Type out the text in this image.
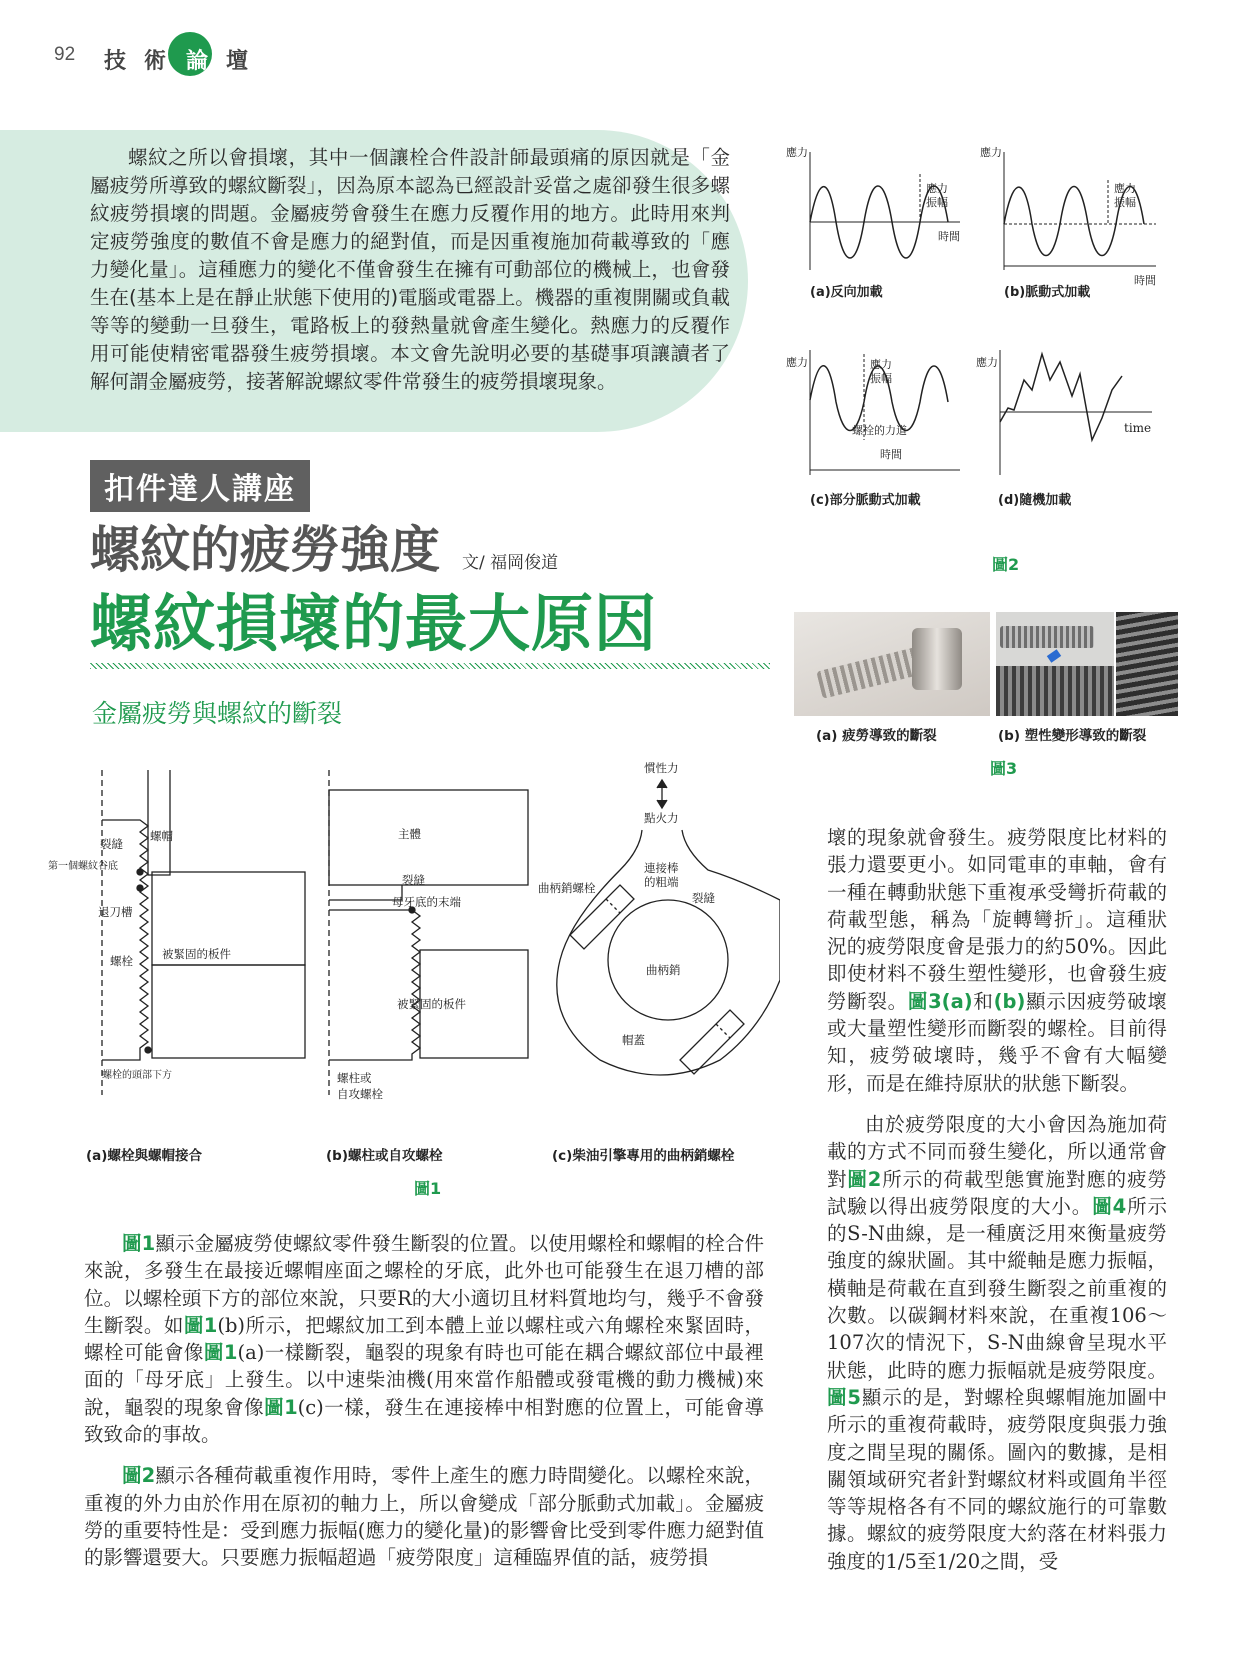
92 技 術 論 壇
螺紋之所以會損壞，其中一個讓栓合件設計師最頭痛的原因就是「金屬疲勞所導致的螺紋斷裂」，因為原本認為已經設計妥當之處卻發生很多螺紋疲勞損壞的問題。金屬疲勞會發生在應力反覆作用的地方。此時用來判定疲勞強度的數值不會是應力的絕對值，而是因重複施加荷載導致的「應力變化量」。這種應力的變化不僅會發生在擁有可動部位的機械上，也會發生在(基本上是在靜止狀態下使用的)電腦或電器上。機器的重複開關或負載等等的變動一旦發生，電路板上的發熱量就會產生變化。熱應力的反覆作用可能使精密電器發生疲勞損壞。本文會先說明必要的基礎事項讓讀者了解何謂金屬疲勞，接著解說螺紋零件常發生的疲勞損壞現象。
扣件達人講座
螺紋的疲勞強度 文/ 福岡俊道
螺紋損壞的最大原因
金屬疲勞與螺紋的斷裂
裂縫
螺帽
第一個螺紋谷底
退刀槽
螺栓	被緊固的板件
螺栓的頭部下方
主體
裂縫
母牙底的末端
被緊固的板件
螺柱或
自攻螺栓
慣性力
點火力
連接棒
的粗端
裂縫
曲柄銷螺栓
曲柄銷
帽蓋
(a)螺栓與螺帽接合	(b)螺柱或自攻螺栓	(c)柴油引擎專用的曲柄銷螺栓
圖1
應力
應力
振幅
時間
應力
應力
振幅
時間
(a)反向加載	(b)脈動式加載
應力	應力
振幅
螺栓的力道
時間
應力
time
(c)部分脈動式加載	(d)隨機加載
圖2
(a) 疲勞導致的斷裂	(b) 塑性變形導致的斷裂
圖3

圖1顯示金屬疲勞使螺紋零件發生斷裂的位置。以使用螺栓和螺帽的栓合件來說，多發生在最接近螺帽座面之螺栓的牙底，此外也可能發生在退刀槽的部位。以螺栓頭下方的部位來說，只要R的大小適切且材料質地均勻，幾乎不會發生斷裂。如圖1(b)所示，把螺紋加工到本體上並以螺柱或六角螺栓來緊固時，螺栓可能會像圖1(a)一樣斷裂，龜裂的現象有時也可能在耦合螺紋部位中最裡面的「母牙底」上發生。以中速柴油機(用來當作船體或發電機的動力機械)來說，龜裂的現象會像圖1(c)一樣，發生在連接棒中相對應的位置上，可能會導致致命的事故。

圖2顯示各種荷載重複作用時，零件上產生的應力時間變化。以螺栓來說，重複的外力由於作用在原初的軸力上，所以會變成「部分脈動式加載」。金屬疲勞的重要特性是：受到應力振幅(應力的變化量)的影響會比受到零件應力絕對值的影響還要大。只要應力振幅超過「疲勞限度」這種臨界值的話，疲勞損

壞的現象就會發生。疲勞限度比材料的張力還要更小。如同電車的車軸，會有一種在轉動狀態下重複承受彎折荷載的荷載型態，稱為「旋轉彎折」。這種狀況的疲勞限度會是張力的約50%。因此即使材料不發生塑性變形，也會發生疲勞斷裂。圖3(a)和(b)顯示因疲勞破壞或大量塑性變形而斷裂的螺栓。目前得知，疲勞破壞時，幾乎不會有大幅變形，而是在維持原狀的狀態下斷裂。

由於疲勞限度的大小會因為施加荷載的方式不同而發生變化，所以通常會對圖2所示的荷載型態實施對應的疲勞試驗以得出疲勞限度的大小。圖4所示的S-N曲線，是一種廣泛用來衡量疲勞強度的線狀圖。其中縱軸是應力振幅，橫軸是荷載在直到發生斷裂之前重複的次數。以碳鋼材料來說，在重複106～107次的情況下，S-N曲線會呈現水平狀態，此時的應力振幅就是疲勞限度。圖5顯示的是，對螺栓與螺帽施加圖中所示的重複荷載時，疲勞限度與張力強度之間呈現的關係。圖內的數據，是相關領域研究者針對螺紋材料或圓角半徑等等規格各有不同的螺紋施行的可靠數據。螺紋的疲勞限度大約落在材料張力強度的1/5至1/20之間，受
